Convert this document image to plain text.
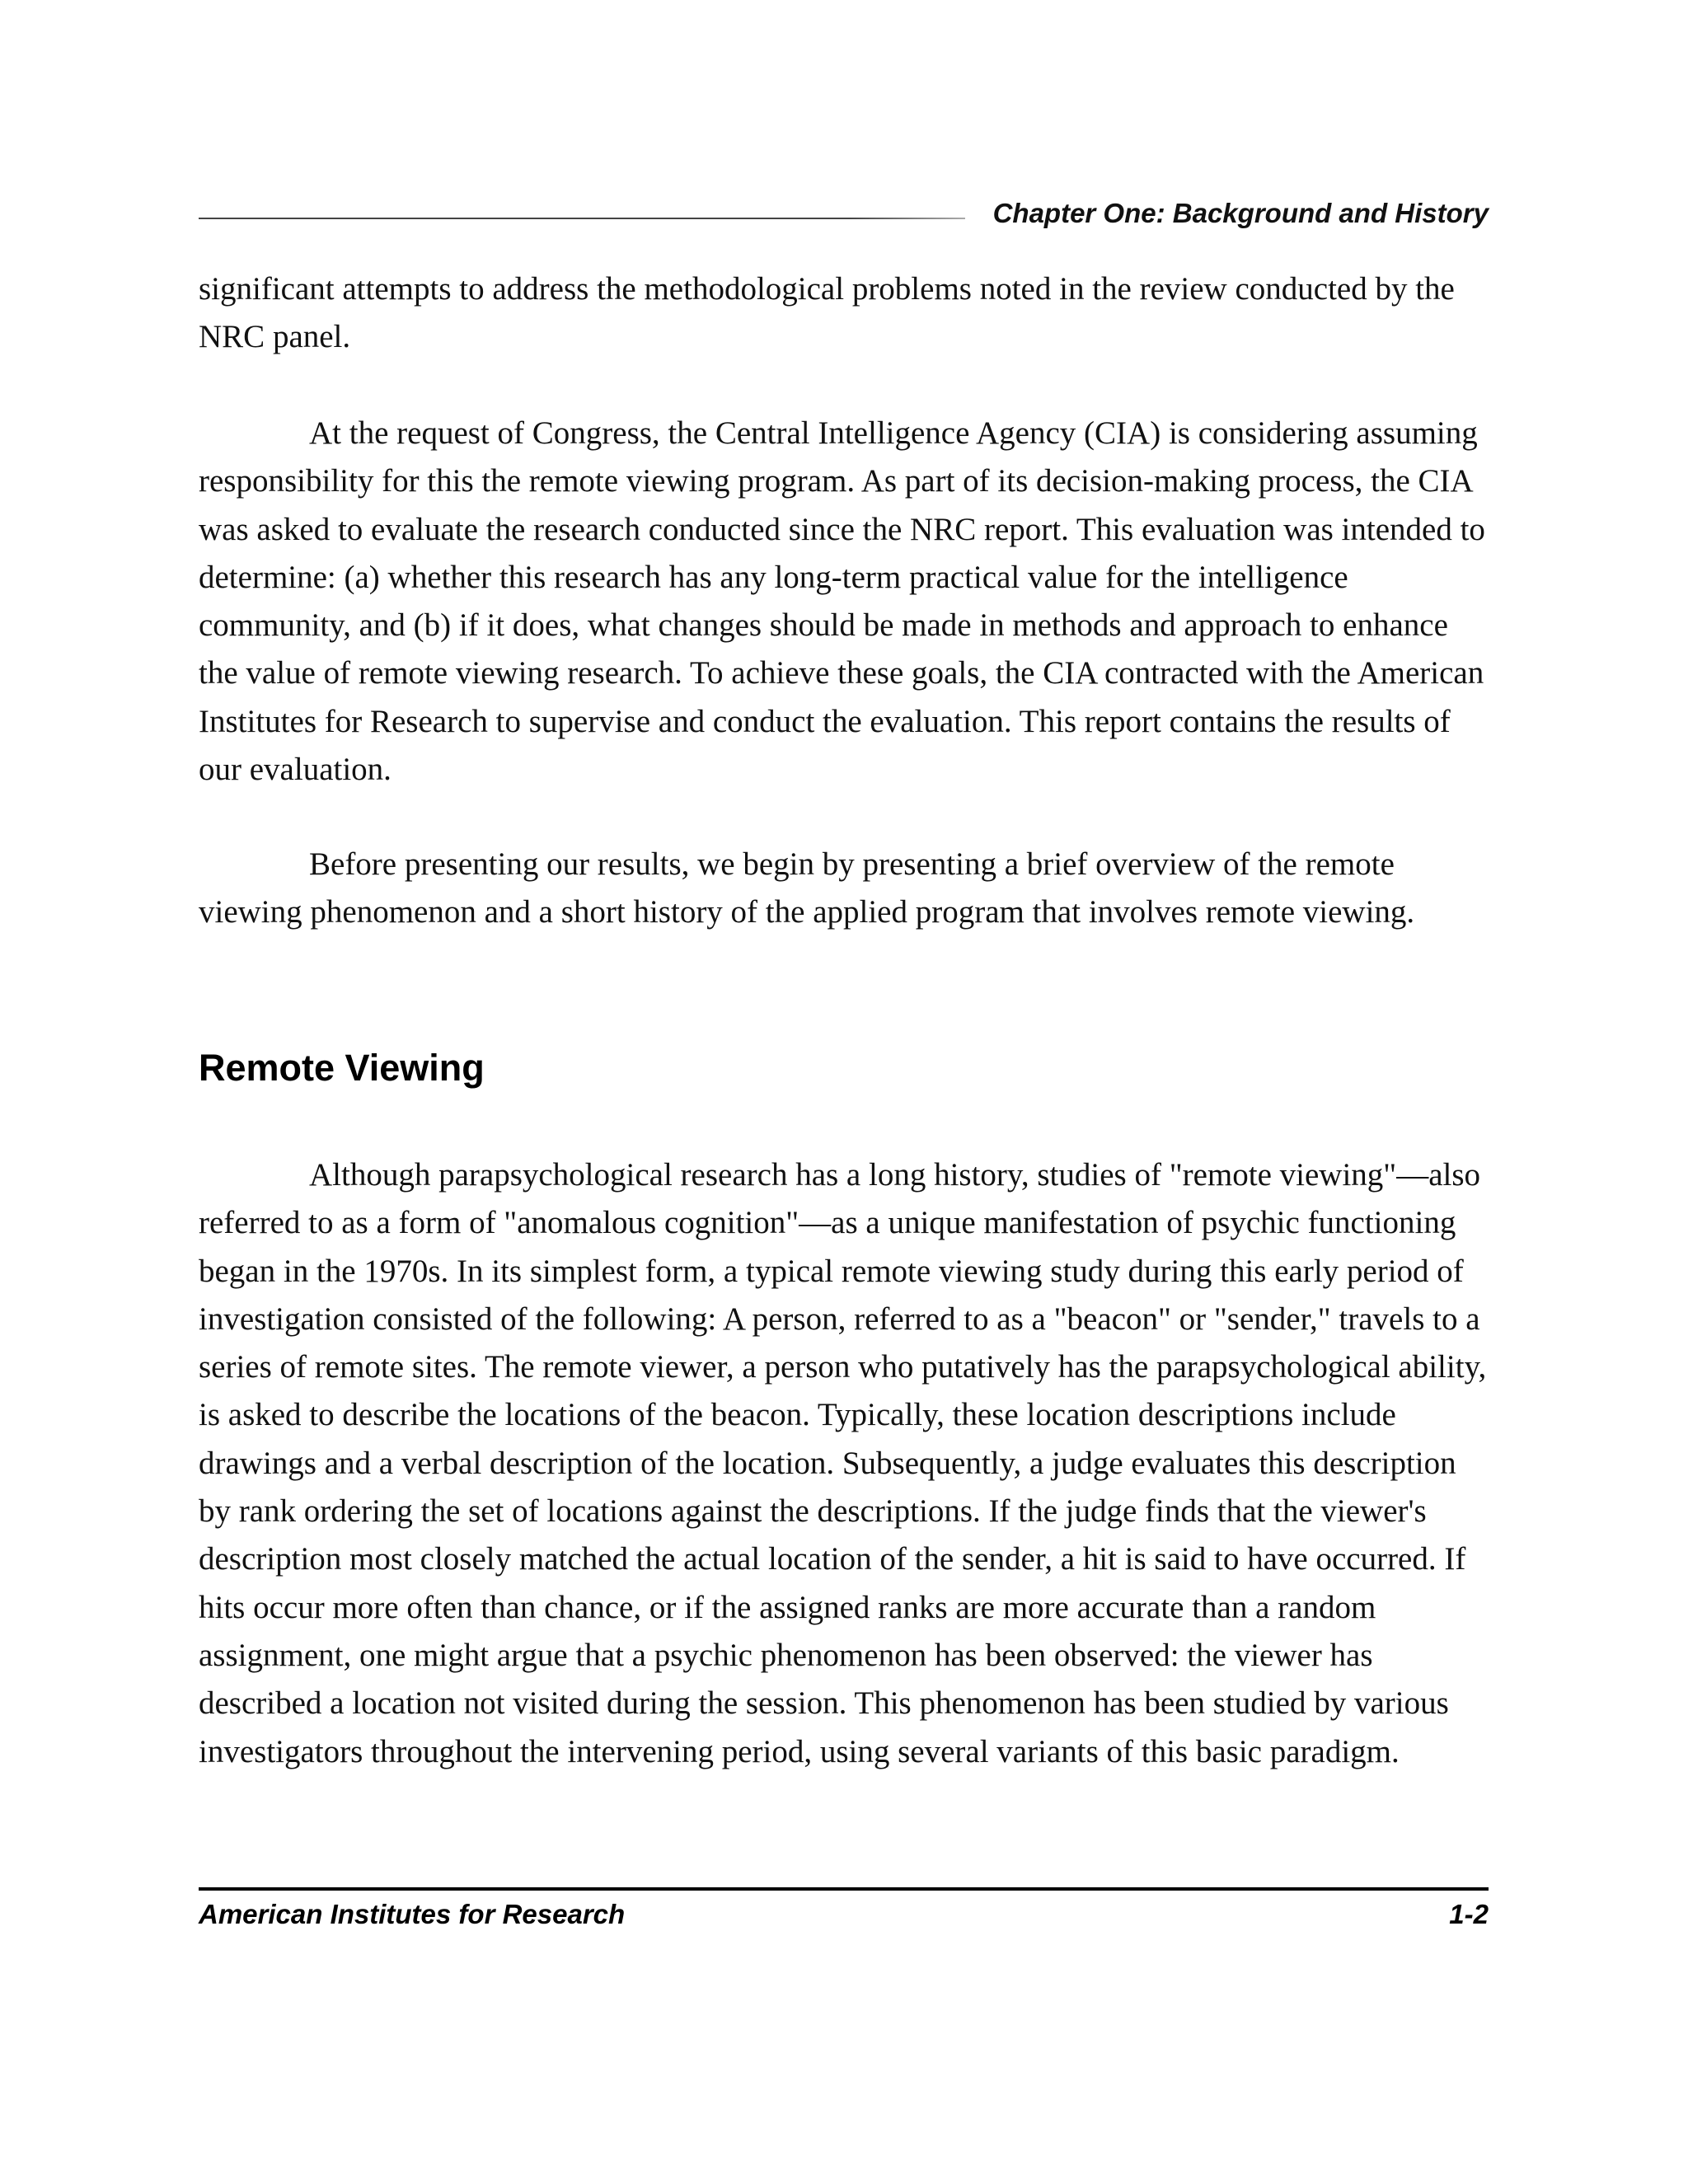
Chapter One: Background and History

significant attempts to address the methodological problems noted in the review conducted by the NRC panel.

At the request of Congress, the Central Intelligence Agency (CIA) is considering assuming responsibility for this the remote viewing program. As part of its decision-making process, the CIA was asked to evaluate the research conducted since the NRC report. This evaluation was intended to determine: (a) whether this research has any long-term practical value for the intelligence community, and (b) if it does, what changes should be made in methods and approach to enhance the value of remote viewing research. To achieve these goals, the CIA contracted with the American Institutes for Research to supervise and conduct the evaluation. This report contains the results of our evaluation.

Before presenting our results, we begin by presenting a brief overview of the remote viewing phenomenon and a short history of the applied program that involves remote viewing.

Remote Viewing

Although parapsychological research has a long history, studies of "remote viewing"—also referred to as a form of "anomalous cognition"—as a unique manifestation of psychic functioning began in the 1970s. In its simplest form, a typical remote viewing study during this early period of investigation consisted of the following: A person, referred to as a "beacon" or "sender," travels to a series of remote sites. The remote viewer, a person who putatively has the parapsychological ability, is asked to describe the locations of the beacon. Typically, these location descriptions include drawings and a verbal description of the location. Subsequently, a judge evaluates this description by rank ordering the set of locations against the descriptions. If the judge finds that the viewer's description most closely matched the actual location of the sender, a hit is said to have occurred. If hits occur more often than chance, or if the assigned ranks are more accurate than a random assignment, one might argue that a psychic phenomenon has been observed: the viewer has described a location not visited during the session. This phenomenon has been studied by various investigators throughout the intervening period, using several variants of this basic paradigm.

American Institutes for Research	1-2
